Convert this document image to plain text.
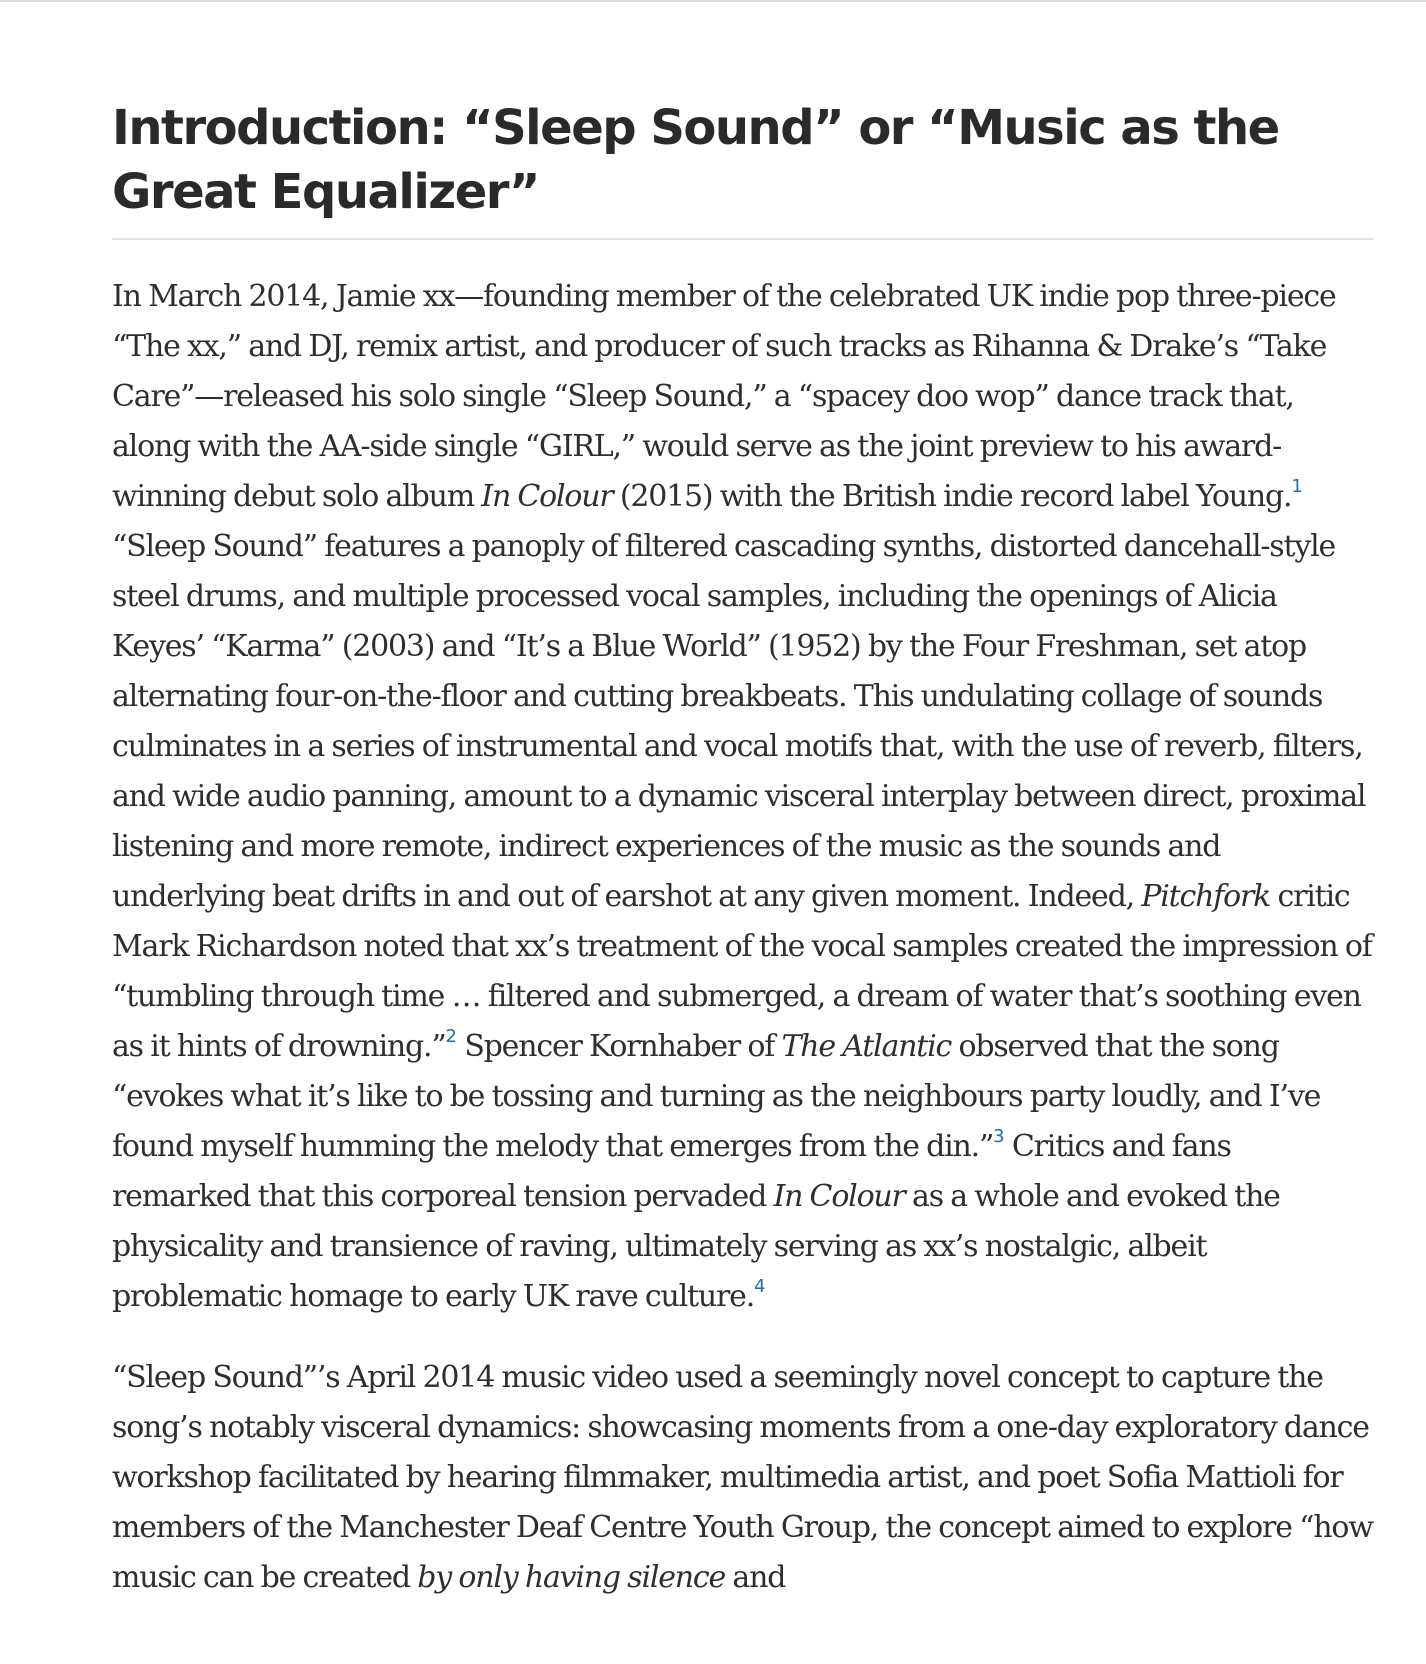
Introduction: “Sleep Sound” or “Music as the Great Equalizer”

In March 2014, Jamie xx—founding member of the celebrated UK indie pop three-piece “The xx,” and DJ, remix artist, and producer of such tracks as Rihanna & Drake’s “Take Care”—released his solo single “Sleep Sound,” a “spacey doo wop” dance track that, along with the AA-side single “GIRL,” would serve as the joint preview to his award-winning debut solo album In Colour (2015) with the British indie record label Young.$^1$ “Sleep Sound” features a panoply of filtered cascading synths, distorted dancehall-style steel drums, and multiple processed vocal samples, including the openings of Alicia Keyes’ “Karma” (2003) and “It’s a Blue World” (1952) by the Four Freshman, set atop alternating four-on-the-floor and cutting breakbeats. This undulating collage of sounds culminates in a series of instrumental and vocal motifs that, with the use of reverb, filters, and wide audio panning, amount to a dynamic visceral interplay between direct, proximal listening and more remote, indirect experiences of the music as the sounds and underlying beat drifts in and out of earshot at any given moment. Indeed, Pitchfork critic Mark Richardson noted that xx’s treatment of the vocal samples created the impression of “tumbling through time … filtered and submerged, a dream of water that’s soothing even as it hints of drowning.”$^2$ Spencer Kornhaber of The Atlantic observed that the song “evokes what it’s like to be tossing and turning as the neighbours party loudly, and I’ve found myself humming the melody that emerges from the din.”$^3$ Critics and fans remarked that this corporeal tension pervaded In Colour as a whole and evoked the physicality and transience of raving, ultimately serving as xx’s nostalgic, albeit problematic homage to early UK rave culture.$^4$

“Sleep Sound”’s April 2014 music video used a seemingly novel concept to capture the song’s notably visceral dynamics: showcasing moments from a one-day exploratory dance workshop facilitated by hearing filmmaker, multimedia artist, and poet Sofia Mattioli for members of the Manchester Deaf Centre Youth Group, the concept aimed to explore “how music can be created by only having silence and
